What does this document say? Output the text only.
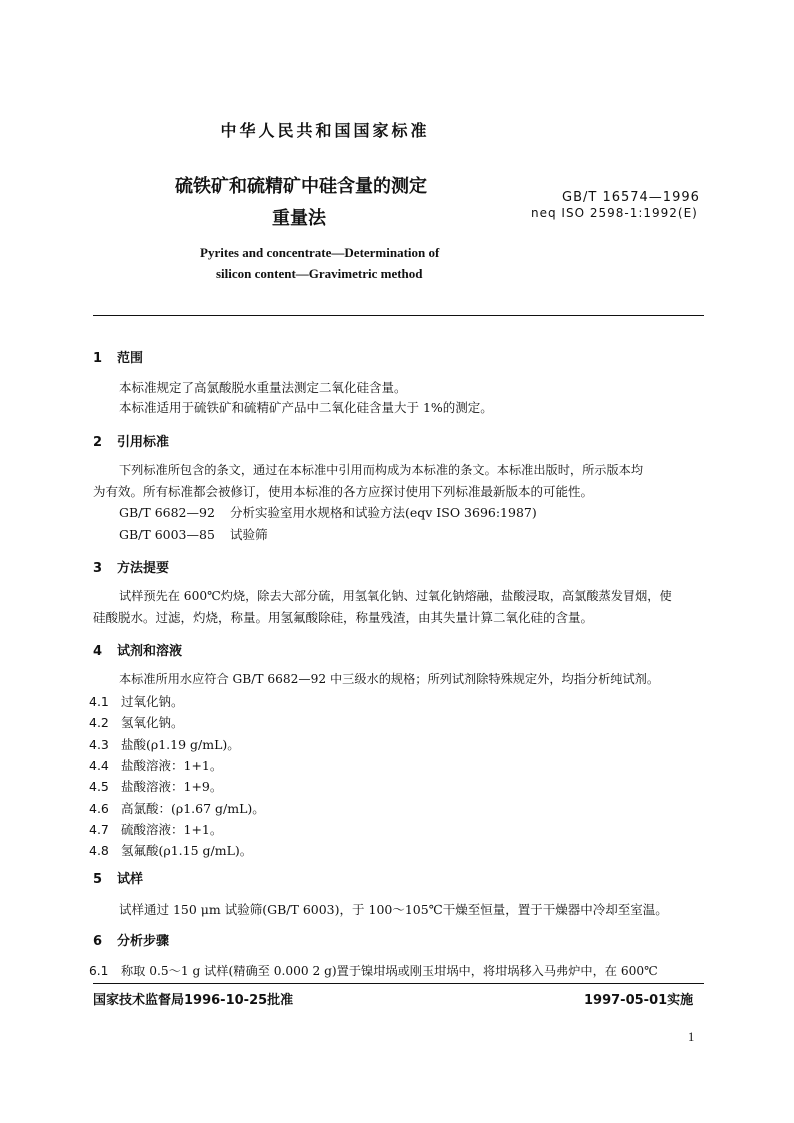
中华人民共和国国家标准
硫铁矿和硫精矿中硅含量的测定
重量法
GB/T 16574—1996
neq ISO 2598-1:1992(E)
Pyrites and concentrate—Determination of
silicon content—Gravimetric method
1 范围
本标准规定了高氯酸脱水重量法测定二氧化硅含量。
本标准适用于硫铁矿和硫精矿产品中二氧化硅含量大于 1%的测定。
2 引用标准
下列标准所包含的条文，通过在本标准中引用而构成为本标准的条文。本标准出版时，所示版本均
为有效。所有标准都会被修订，使用本标准的各方应探讨使用下列标准最新版本的可能性。
GB/T 6682—92 分析实验室用水规格和试验方法(eqv ISO 3696:1987)
GB/T 6003—85 试验筛
3 方法提要
试样预先在 600℃灼烧，除去大部分硫，用氢氧化钠、过氧化钠熔融，盐酸浸取，高氯酸蒸发冒烟，使
硅酸脱水。过滤，灼烧，称量。用氢氟酸除硅，称量残渣，由其失量计算二氧化硅的含量。
4 试剂和溶液
本标准所用水应符合 GB/T 6682—92 中三级水的规格；所列试剂除特殊规定外，均指分析纯试剂。
4.1 过氧化钠。
4.2 氢氧化钠。
4.3 盐酸(ρ1.19 g/mL)。
4.4 盐酸溶液：1+1。
4.5 盐酸溶液：1+9。
4.6 高氯酸：(ρ1.67 g/mL)。
4.7 硫酸溶液：1+1。
4.8 氢氟酸(ρ1.15 g/mL)。
5 试样
试样通过 150 μm 试验筛(GB/T 6003)，于 100～105℃干燥至恒量，置于干燥器中冷却至室温。
6 分析步骤
6.1 称取 0.5～1 g 试样(精确至 0.000 2 g)置于镍坩埚或刚玉坩埚中，将坩埚移入马弗炉中，在 600℃
国家技术监督局1996-10-25批准	1997-05-01实施
1
